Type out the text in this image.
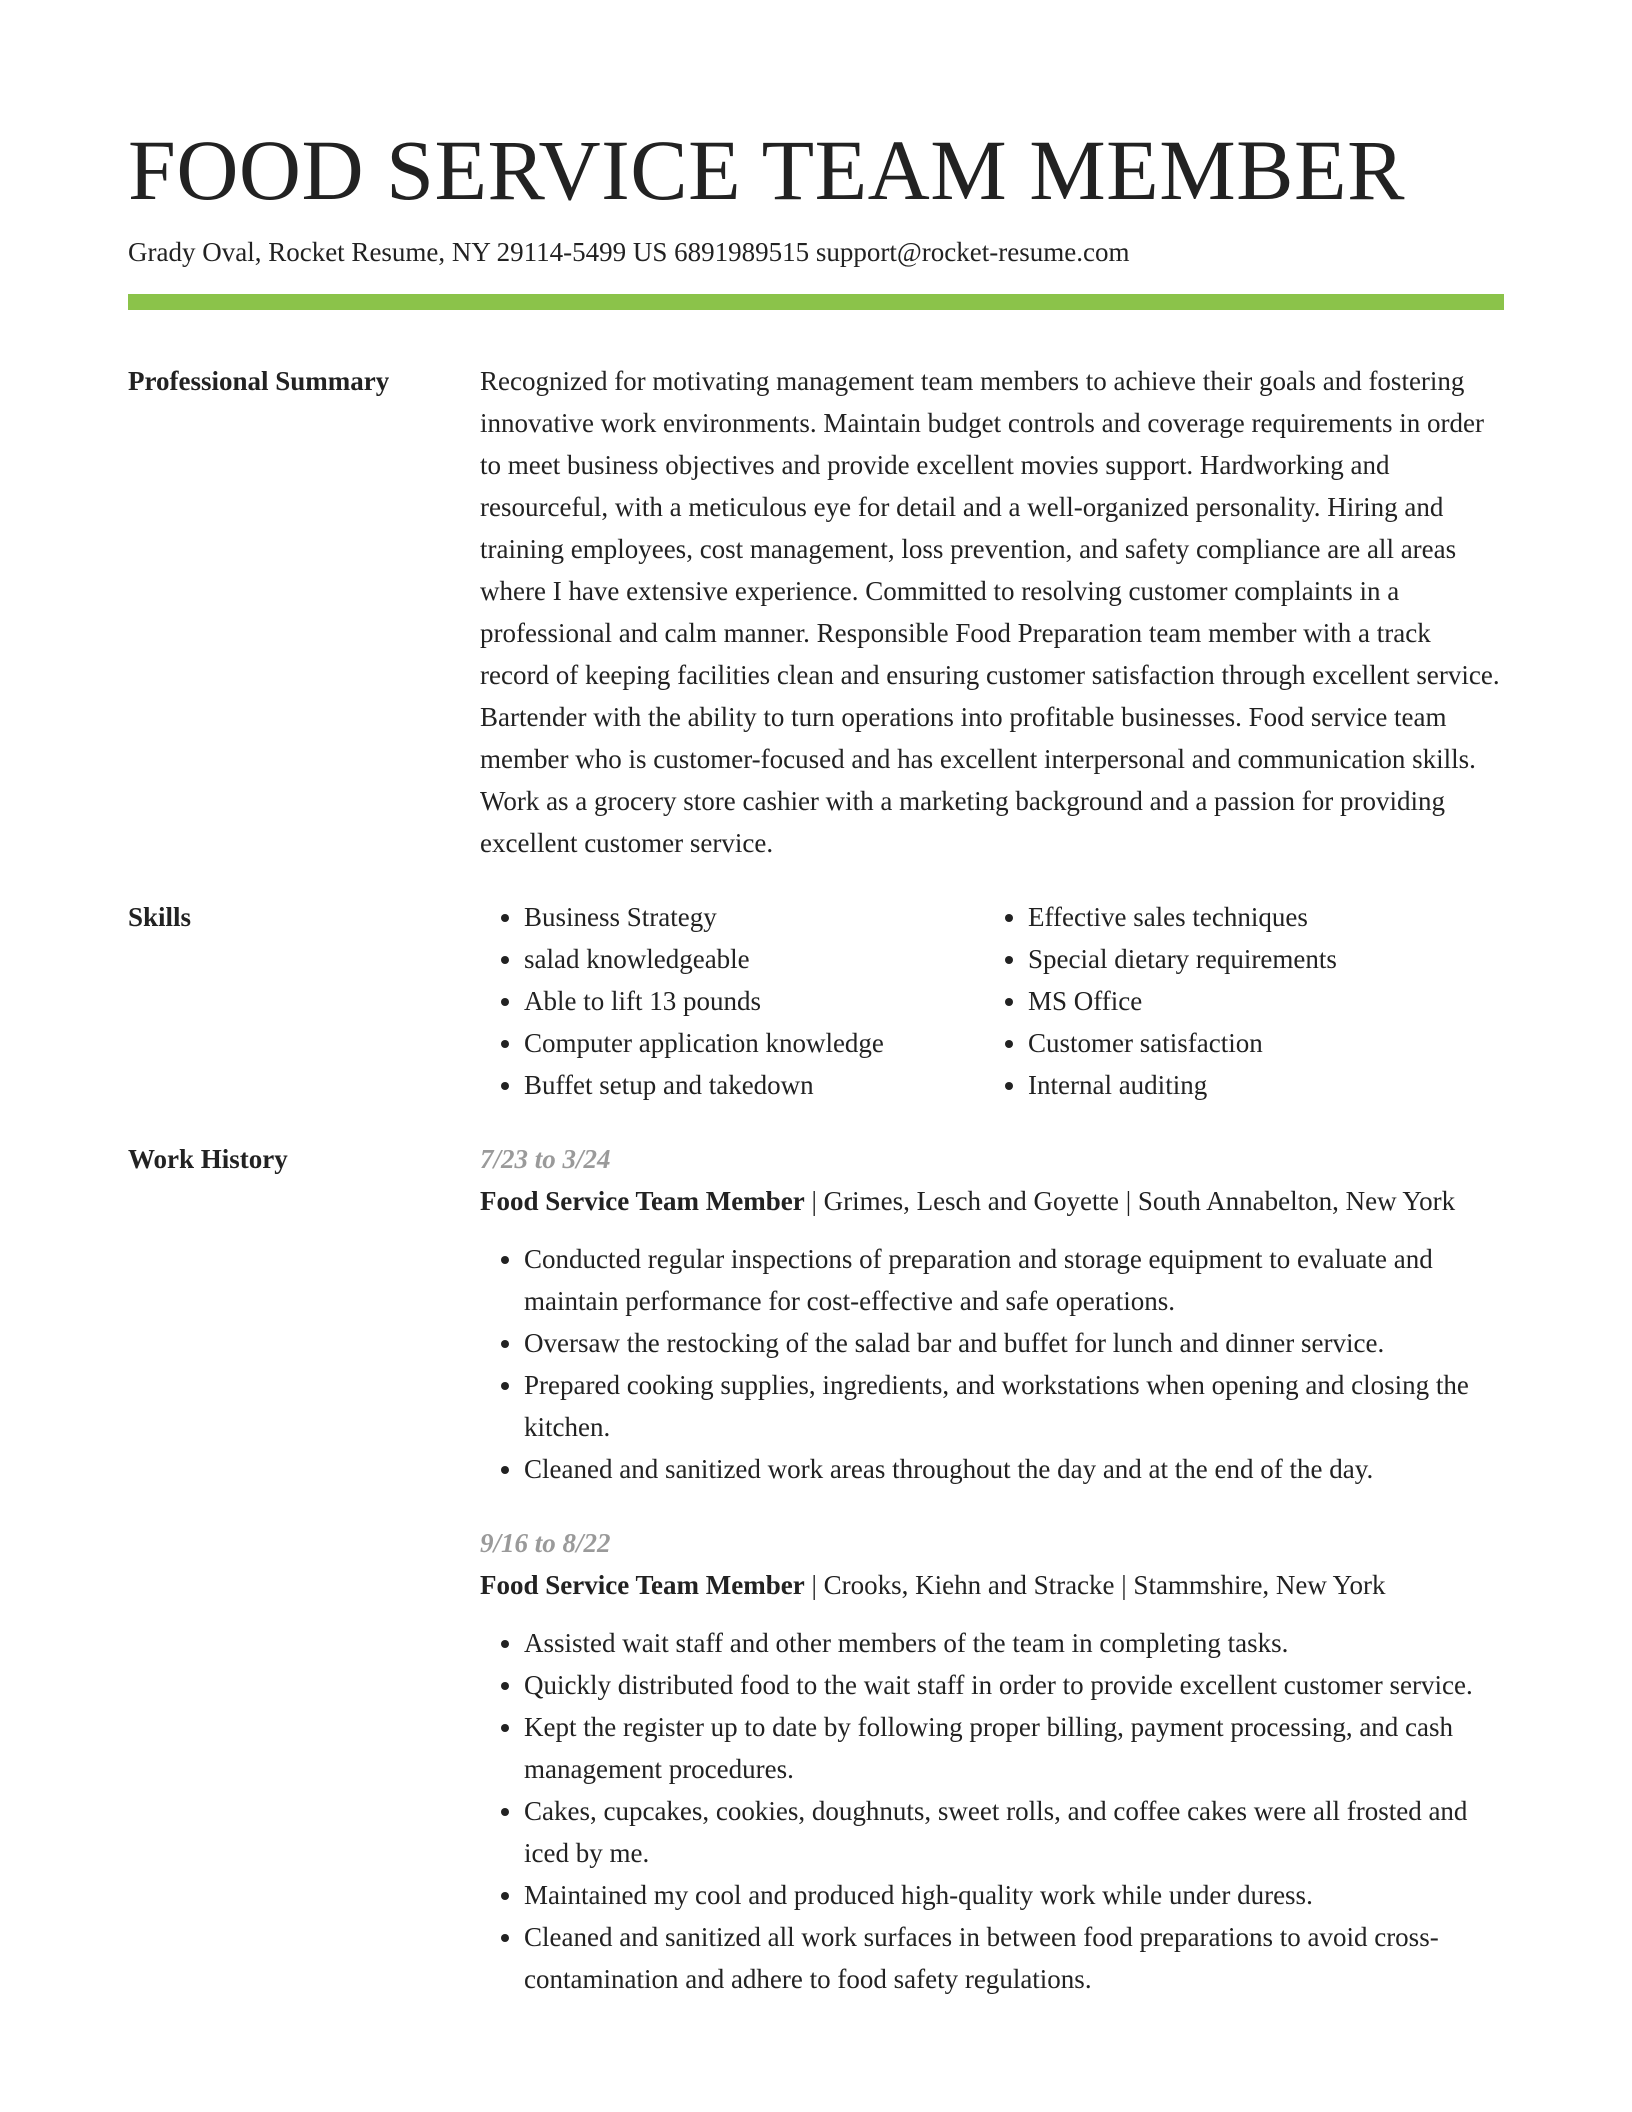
FOOD SERVICE TEAM MEMBER
Grady Oval, Rocket Resume, NY 29114-5499 US 6891989515 support@rocket-resume.com
Professional Summary	Recognized for motivating management team members to achieve their goals and fostering innovative work environments. Maintain budget controls and coverage requirements in order to meet business objectives and provide excellent movies support. Hardworking and resourceful, with a meticulous eye for detail and a well-organized personality. Hiring and training employees, cost management, loss prevention, and safety compliance are all areas where I have extensive experience. Committed to resolving customer complaints in a professional and calm manner. Responsible Food Preparation team member with a track record of keeping facilities clean and ensuring customer satisfaction through excellent service. Bartender with the ability to turn operations into profitable businesses. Food service team member who is customer-focused and has excellent interpersonal and communication skills. Work as a grocery store cashier with a marketing background and a passion for providing excellent customer service.

Skills
•	Business Strategy
• salad knowledgeable
• Able to lift 13 pounds
• Computer application knowledge
• Buffet setup and takedown
• Effective sales techniques
• Special dietary requirements
• MS Office
• Customer satisfaction
• Internal auditing
Work History	7/23 to 3/24
Food Service Team Member | Grimes, Lesch and Goyette | South Annabelton, New York
• Conducted regular inspections of preparation and storage equipment to evaluate and maintain performance for cost-effective and safe operations.
• Oversaw the restocking of the salad bar and buffet for lunch and dinner service.
• Prepared cooking supplies, ingredients, and workstations when opening and closing the kitchen.
• Cleaned and sanitized work areas throughout the day and at the end of the day.
9/16 to 8/22
Food Service Team Member | Crooks, Kiehn and Stracke | Stammshire, New York
• Assisted wait staff and other members of the team in completing tasks.
• Quickly distributed food to the wait staff in order to provide excellent customer service.
• Kept the register up to date by following proper billing, payment processing, and cash management procedures.
• Cakes, cupcakes, cookies, doughnuts, sweet rolls, and coffee cakes were all frosted and iced by me.
• Maintained my cool and produced high-quality work while under duress.
• Cleaned and sanitized all work surfaces in between food preparations to avoid cross-contamination and adhere to food safety regulations.
